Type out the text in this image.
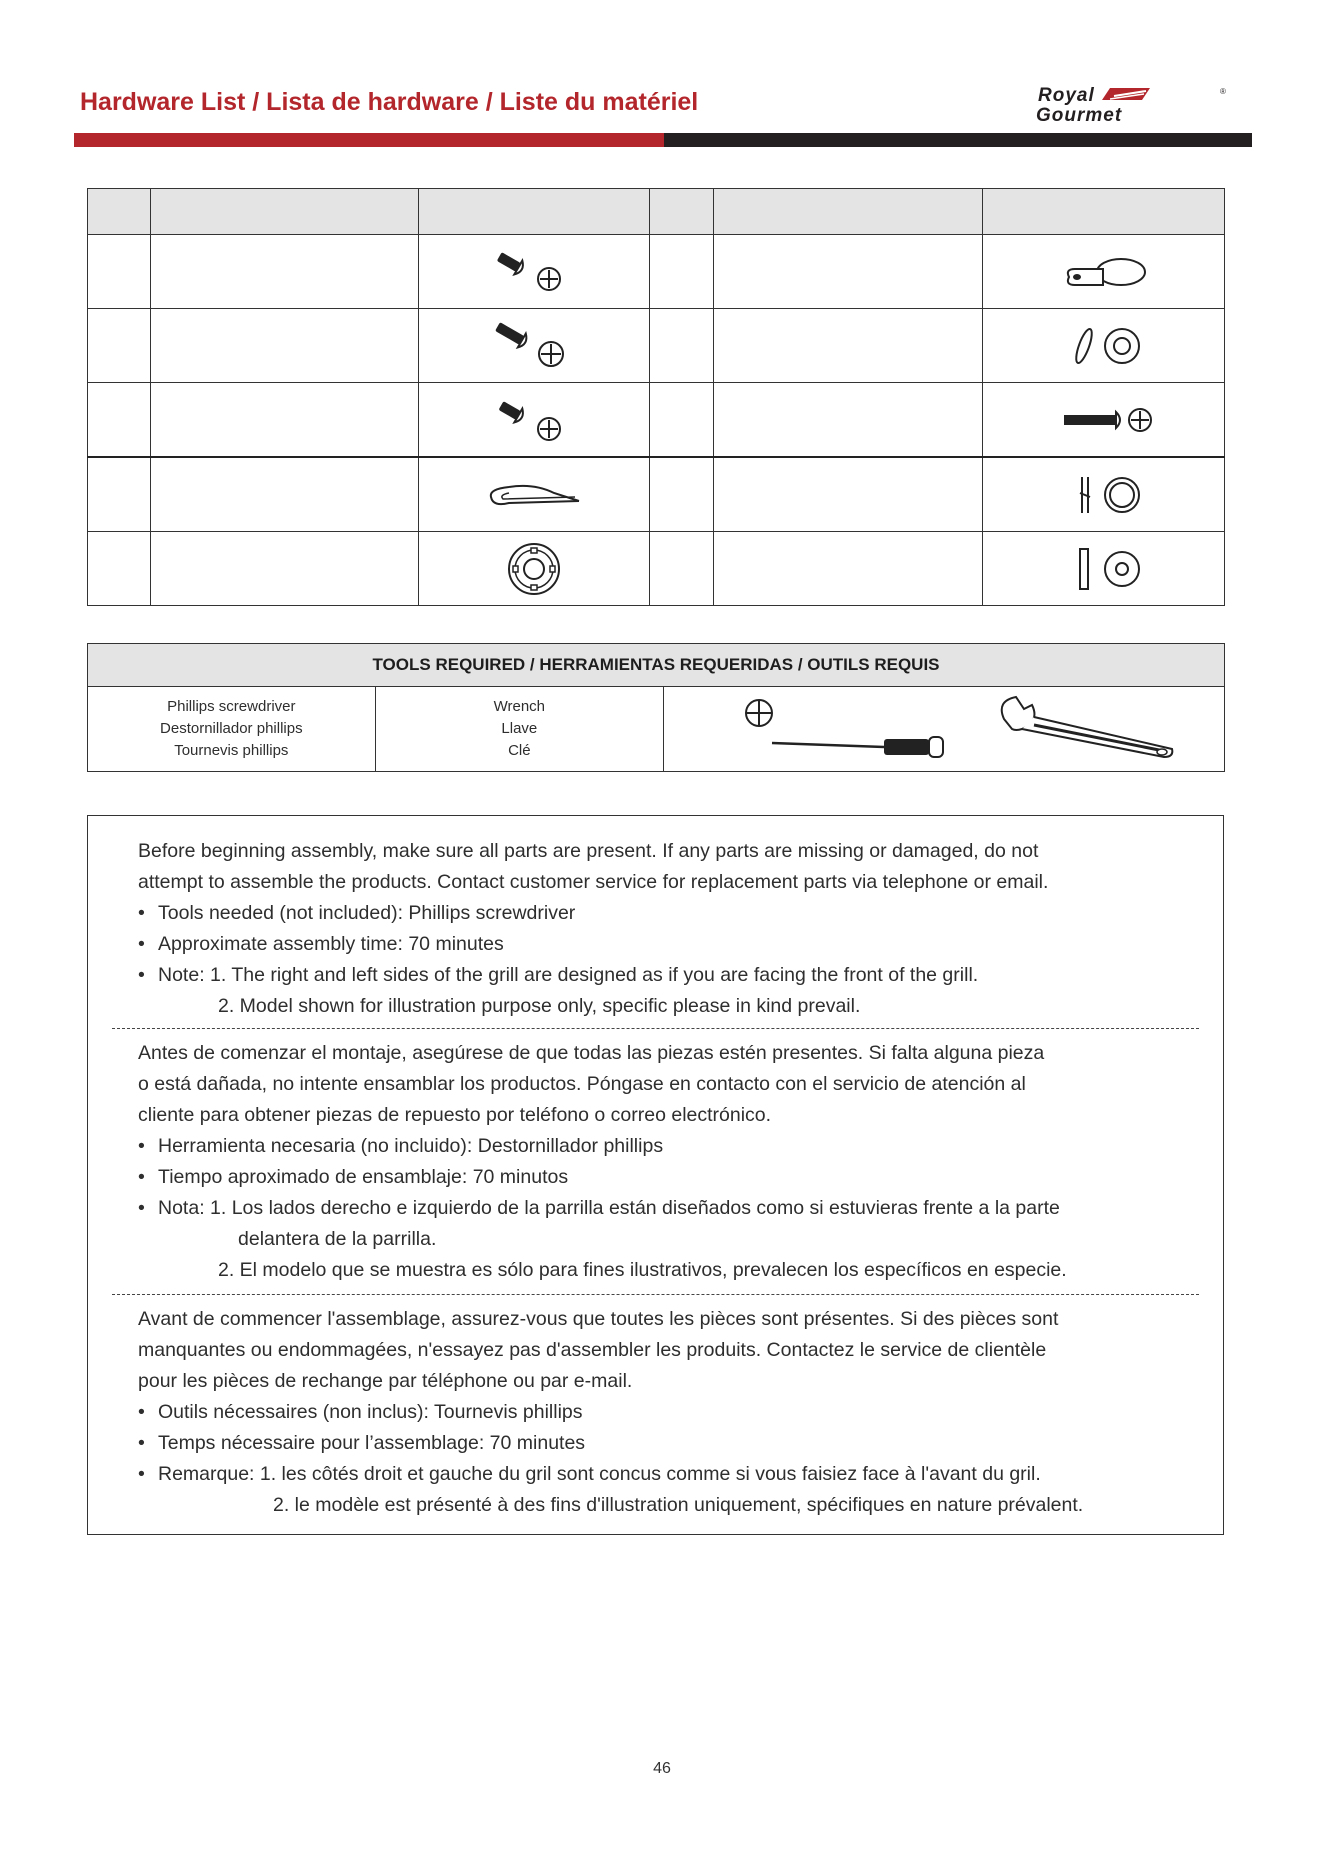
Hardware List / Lista de hardware / Liste du matériel	Royal
Gourmet
®

TOOLS REQUIRED / HERRAMIENTAS REQUERIDAS / OUTILS REQUIS

Phillips screwdriver
Destornillador phillips
Tournevis phillips

Wrench
Llave
Clé

Before beginning assembly, make sure all parts are present. If any parts are missing or damaged, do not

attempt to assemble the products. Contact customer service for replacement parts via telephone or email.

• Tools needed (not included): Phillips screwdriver

• Approximate assembly time: 70 minutes

• Note: 1. The right and left sides of the grill are designed as if you are facing the front of the grill.

2. Model shown for illustration purpose only, specific please in kind prevail.

Antes de comenzar el montaje, asegúrese de que todas las piezas estén presentes. Si falta alguna pieza

o está dañada, no intente ensamblar los productos. Póngase en contacto con el servicio de atención al

cliente para obtener piezas de repuesto por teléfono o correo electrónico.

• Herramienta necesaria (no incluido): Destornillador phillips

• Tiempo aproximado de ensamblaje: 70 minutos

• Nota: 1. Los lados derecho e izquierdo de la parrilla están diseñados como si estuvieras frente a la parte

delantera de la parrilla.

2. El modelo que se muestra es sólo para fines ilustrativos, prevalecen los específicos en especie.

Avant de commencer l'assemblage, assurez-vous que toutes les pièces sont présentes. Si des pièces sont

manquantes ou endommagées, n'essayez pas d'assembler les produits. Contactez le service de clientèle

pour les pièces de rechange par téléphone ou par e-mail.

• Outils nécessaires (non inclus): Tournevis phillips

• Temps nécessaire pour l’assemblage: 70 minutes

• Remarque: 1. les côtés droit et gauche du gril sont concus comme si vous faisiez face à l'avant du gril.

2. le modèle est présenté à des fins d'illustration uniquement, spécifiques en nature prévalent.

46
